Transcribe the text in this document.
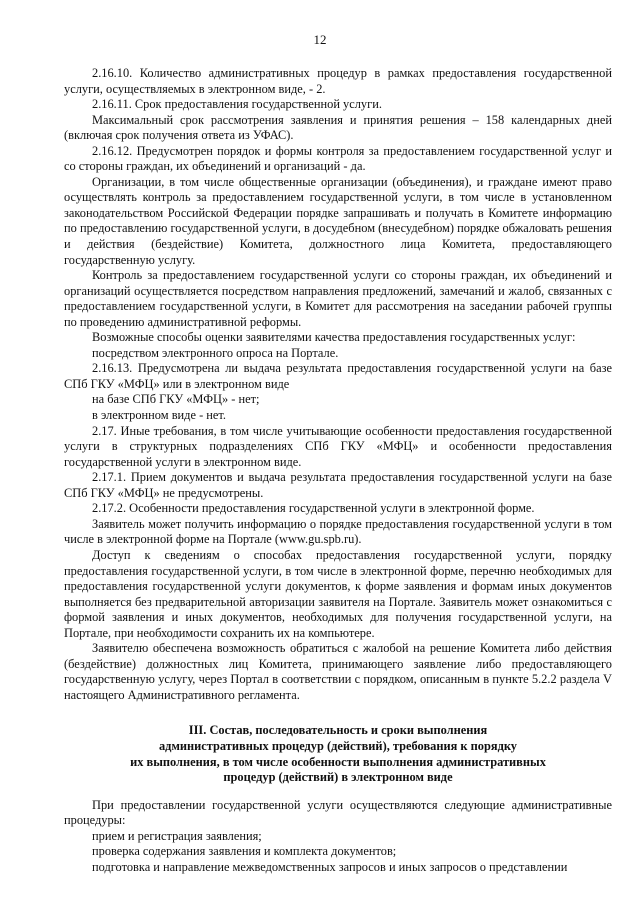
12

2.16.10. Количество административных процедур в рамках предоставления государственной услуги, осуществляемых в электронном виде, - 2.

2.16.11. Срок предоставления государственной услуги.

Максимальный срок рассмотрения заявления и принятия решения – 158 календарных дней (включая срок получения ответа из УФАС).

2.16.12. Предусмотрен порядок и формы контроля за предоставлением государственной услуг и со стороны граждан, их объединений и организаций - да.

Организации, в том числе общественные организации (объединения), и граждане имеют право осуществлять контроль за предоставлением государственной услуги, в том числе в установленном законодательством Российской Федерации порядке запрашивать и получать в Комитете информацию по предоставлению государственной услуги, в досудебном (внесудебном) порядке обжаловать решения и действия (бездействие) Комитета, должностного лица Комитета, предоставляющего государственную услугу.

Контроль за предоставлением государственной услуги со стороны граждан, их объединений и организаций осуществляется посредством направления предложений, замечаний и жалоб, связанных с предоставлением государственной услуги, в Комитет для рассмотрения на заседании рабочей группы по проведению административной реформы.

Возможные способы оценки заявителями качества предоставления государственных услуг:

посредством электронного опроса на Портале.

2.16.13. Предусмотрена ли выдача результата предоставления государственной услуги на базе СПб ГКУ «МФЦ» или в электронном виде

на базе СПб ГКУ «МФЦ» - нет;

в электронном виде - нет.

2.17. Иные требования, в том числе учитывающие особенности предоставления государственной услуги в структурных подразделениях СПб ГКУ «МФЦ» и особенности предоставления государственной услуги в электронном виде.

2.17.1. Прием документов и выдача результата предоставления государственной услуги на базе СПб ГКУ «МФЦ» не предусмотрены.

2.17.2. Особенности предоставления государственной услуги в электронной форме.

Заявитель может получить информацию о порядке предоставления государственной услуги в том числе в электронной форме на Портале (www.gu.spb.ru).

Доступ к сведениям о способах предоставления государственной услуги, порядку предоставления государственной услуги, в том числе в электронной форме, перечню необходимых для предоставления государственной услуги документов, к форме заявления и формам иных документов выполняется без предварительной авторизации заявителя на Портале. Заявитель может ознакомиться с формой заявления и иных документов, необходимых для получения государственной услуги, на Портале, при необходимости сохранить их на компьютере.

Заявителю обеспечена возможность обратиться с жалобой на решение Комитета либо действия (бездействие) должностных лиц Комитета, принимающего заявление либо предоставляющего государственную услугу, через Портал в соответствии с порядком, описанным в пункте 5.2.2 раздела V настоящего Административного регламента.

III. Состав, последовательность и сроки выполнения
административных процедур (действий), требования к порядку
их выполнения, в том числе особенности выполнения административных
процедур (действий) в электронном виде

При предоставлении государственной услуги осуществляются следующие административные процедуры:

прием и регистрация заявления;

проверка содержания заявления и комплекта документов;

подготовка и направление межведомственных запросов и иных запросов о представлении
